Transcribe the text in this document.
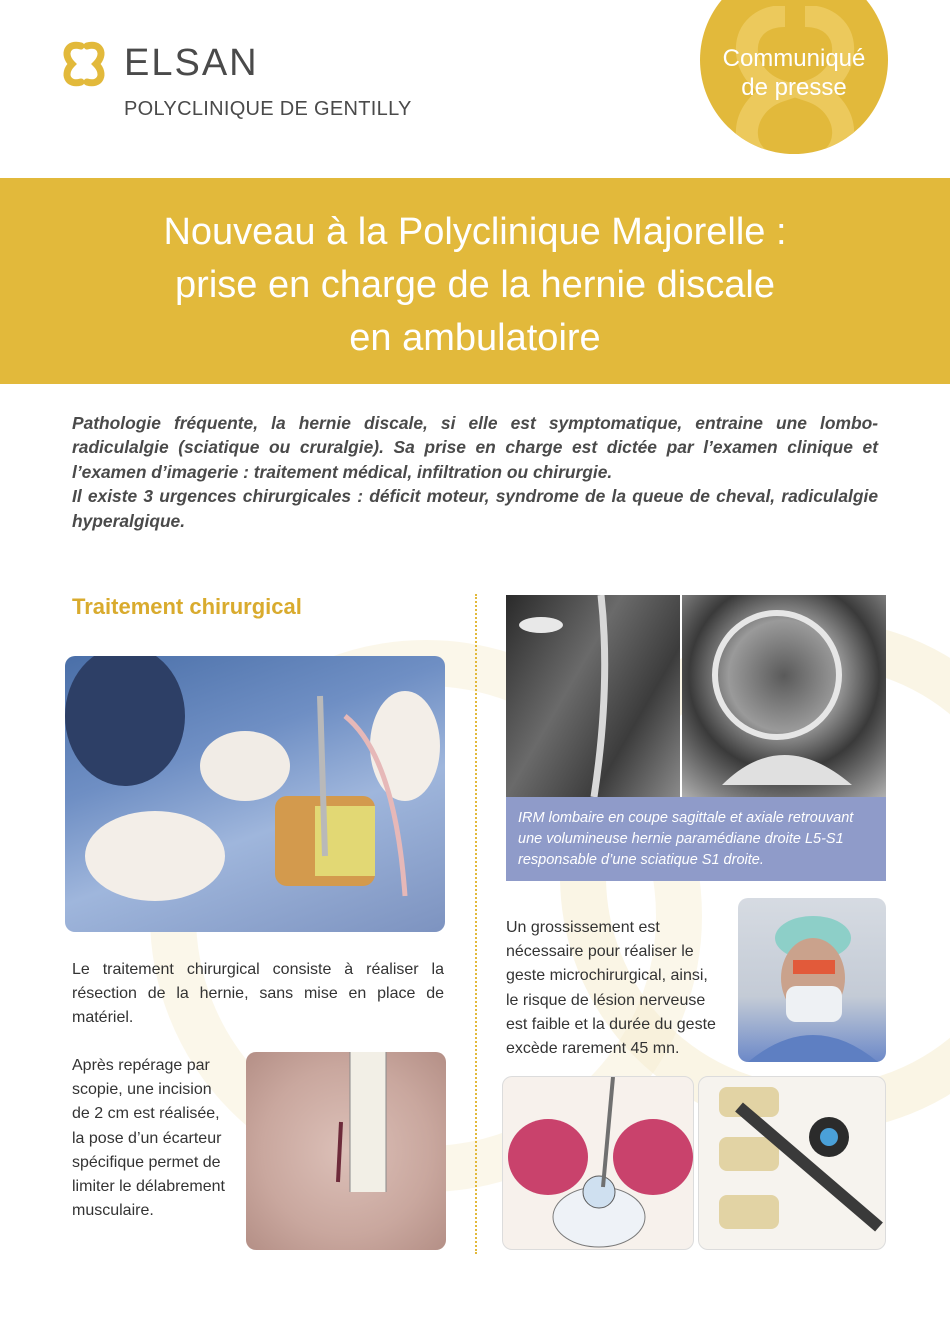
ELSAN
POLYCLINIQUE DE GENTILLY
Communiqué
de presse
Nouveau à la Polyclinique Majorelle :
prise en charge de la hernie discale
en ambulatoire

Pathologie fréquente, la hernie discale, si elle est symptomatique, entraine une lombo-radiculalgie (sciatique ou cruralgie). Sa prise en charge est dictée par l’examen clinique et l’examen d’imagerie : traitement médical, infiltration ou chirurgie.

Il existe 3 urgences chirurgicales : déficit moteur, syndrome de la queue de cheval, radiculalgie hyperalgique.

Traitement chirurgical
Le traitement chirurgical consiste à réaliser la résection de la hernie, sans mise en place de matériel.
Après repérage par scopie, une incision de 2 cm est réalisée, la pose d’un écarteur spécifique permet de limiter le délabrement musculaire.
IRM lombaire en coupe sagittale et axiale retrouvant une volumineuse hernie paramédiane droite L5-S1 responsable d’une sciatique S1 droite.
Un grossissement est nécessaire pour réaliser le geste microchirurgical, ainsi, le risque de lésion nerveuse est faible et la durée du geste excède rarement 45 mn.
